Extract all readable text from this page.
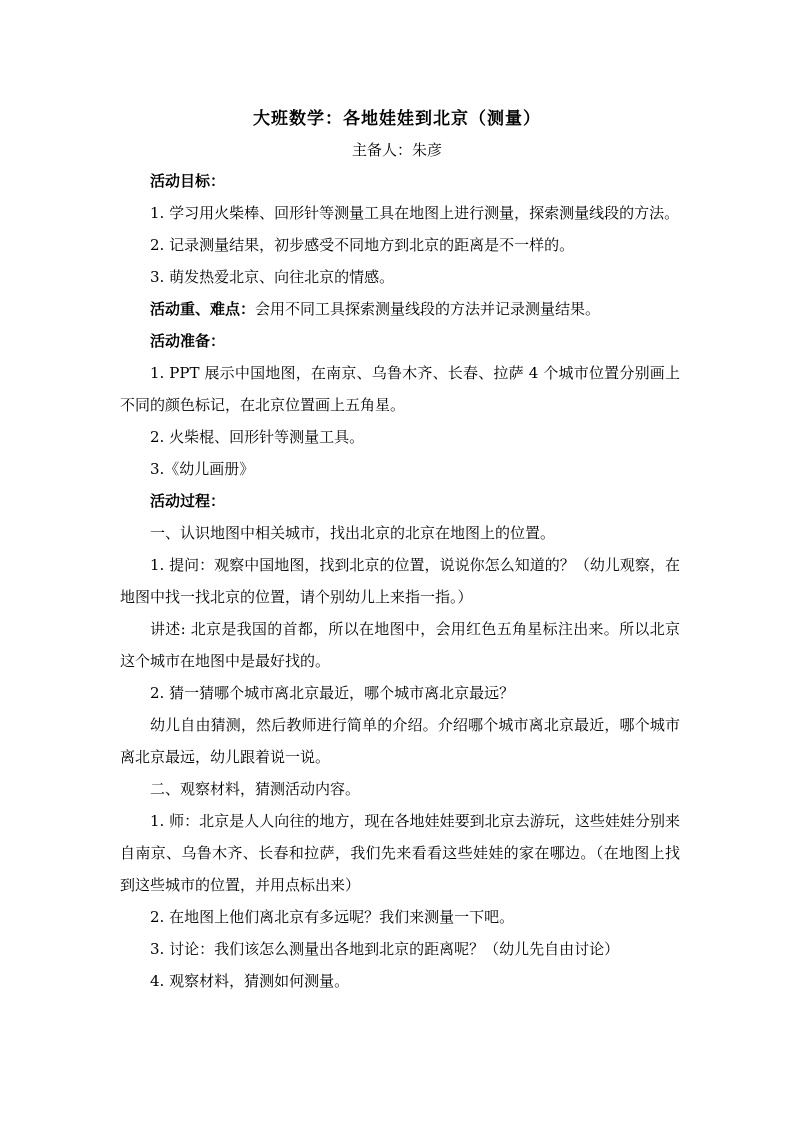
大班数学：各地娃娃到北京（测量）
主备人：朱彦

活动目标：

1. 学习用火柴棒、回形针等测量工具在地图上进行测量，探索测量线段的方法。

2. 记录测量结果，初步感受不同地方到北京的距离是不一样的。

3. 萌发热爱北京、向往北京的情感。

活动重、难点：会用不同工具探索测量线段的方法并记录测量结果。

活动准备：

1. PPT 展示中国地图，在南京、乌鲁木齐、长春、拉萨 4 个城市位置分别画上不同的颜色标记，在北京位置画上五角星。

2. 火柴棍、回形针等测量工具。

3.《幼儿画册》

活动过程：

一、认识地图中相关城市，找出北京的北京在地图上的位置。

1. 提问：观察中国地图，找到北京的位置，说说你怎么知道的？（幼儿观察，在地图中找一找北京的位置，请个别幼儿上来指一指。）

讲述: 北京是我国的首都，所以在地图中，会用红色五角星标注出来。所以北京这个城市在地图中是最好找的。

2. 猜一猜哪个城市离北京最近，哪个城市离北京最远？

幼儿自由猜测，然后教师进行简单的介绍。介绍哪个城市离北京最近，哪个城市离北京最远，幼儿跟着说一说。

二、观察材料，猜测活动内容。

1. 师：北京是人人向往的地方，现在各地娃娃要到北京去游玩，这些娃娃分别来自南京、乌鲁木齐、长春和拉萨，我们先来看看这些娃娃的家在哪边。（在地图上找到这些城市的位置，并用点标出来）

2. 在地图上他们离北京有多远呢？我们来测量一下吧。

3. 讨论：我们该怎么测量出各地到北京的距离呢？（幼儿先自由讨论）

4. 观察材料，猜测如何测量。
